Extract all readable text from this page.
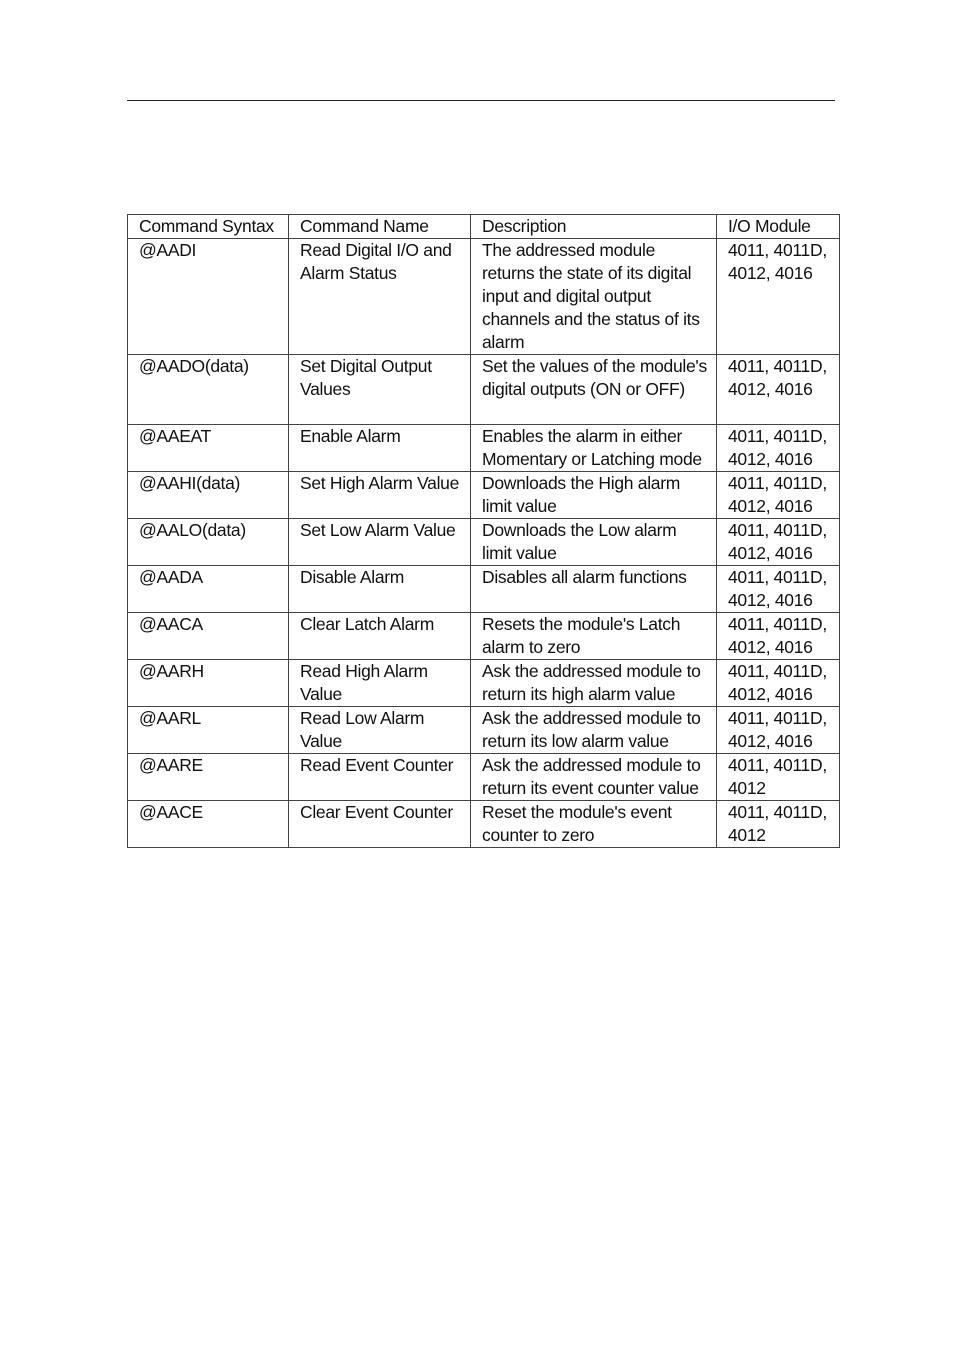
Command Syntax	Command Name	Description	I/O Module
@AADI	Read Digital I/O and Alarm Status	The addressed module returns the state of its digital input and digital output channels and the status of its alarm	4011, 4011D, 4012, 4016
@AADO(data)	Set Digital Output Values	Set the values of the module's digital outputs (ON or OFF)	4011, 4011D, 4012, 4016
@AAEAT	Enable Alarm	Enables the alarm in either Momentary or Latching mode	4011, 4011D, 4012, 4016
@AAHI(data)	Set High Alarm Value	Downloads the High alarm limit value	4011, 4011D, 4012, 4016
@AALO(data)	Set Low Alarm Value	Downloads the Low alarm limit value	4011, 4011D, 4012, 4016
@AADA	Disable Alarm	Disables all alarm functions	4011, 4011D, 4012, 4016
@AACA	Clear Latch Alarm	Resets the module's Latch alarm to zero	4011, 4011D, 4012, 4016
@AARH	Read High Alarm Value	Ask the addressed module to return its high alarm value	4011, 4011D, 4012, 4016
@AARL	Read Low Alarm Value	Ask the addressed module to return its low alarm value	4011, 4011D, 4012, 4016
@AARE	Read Event Counter	Ask the addressed module to return its event counter value	4011, 4011D, 4012
@AACE	Clear Event Counter	Reset the module's event counter to zero	4011, 4011D, 4012
